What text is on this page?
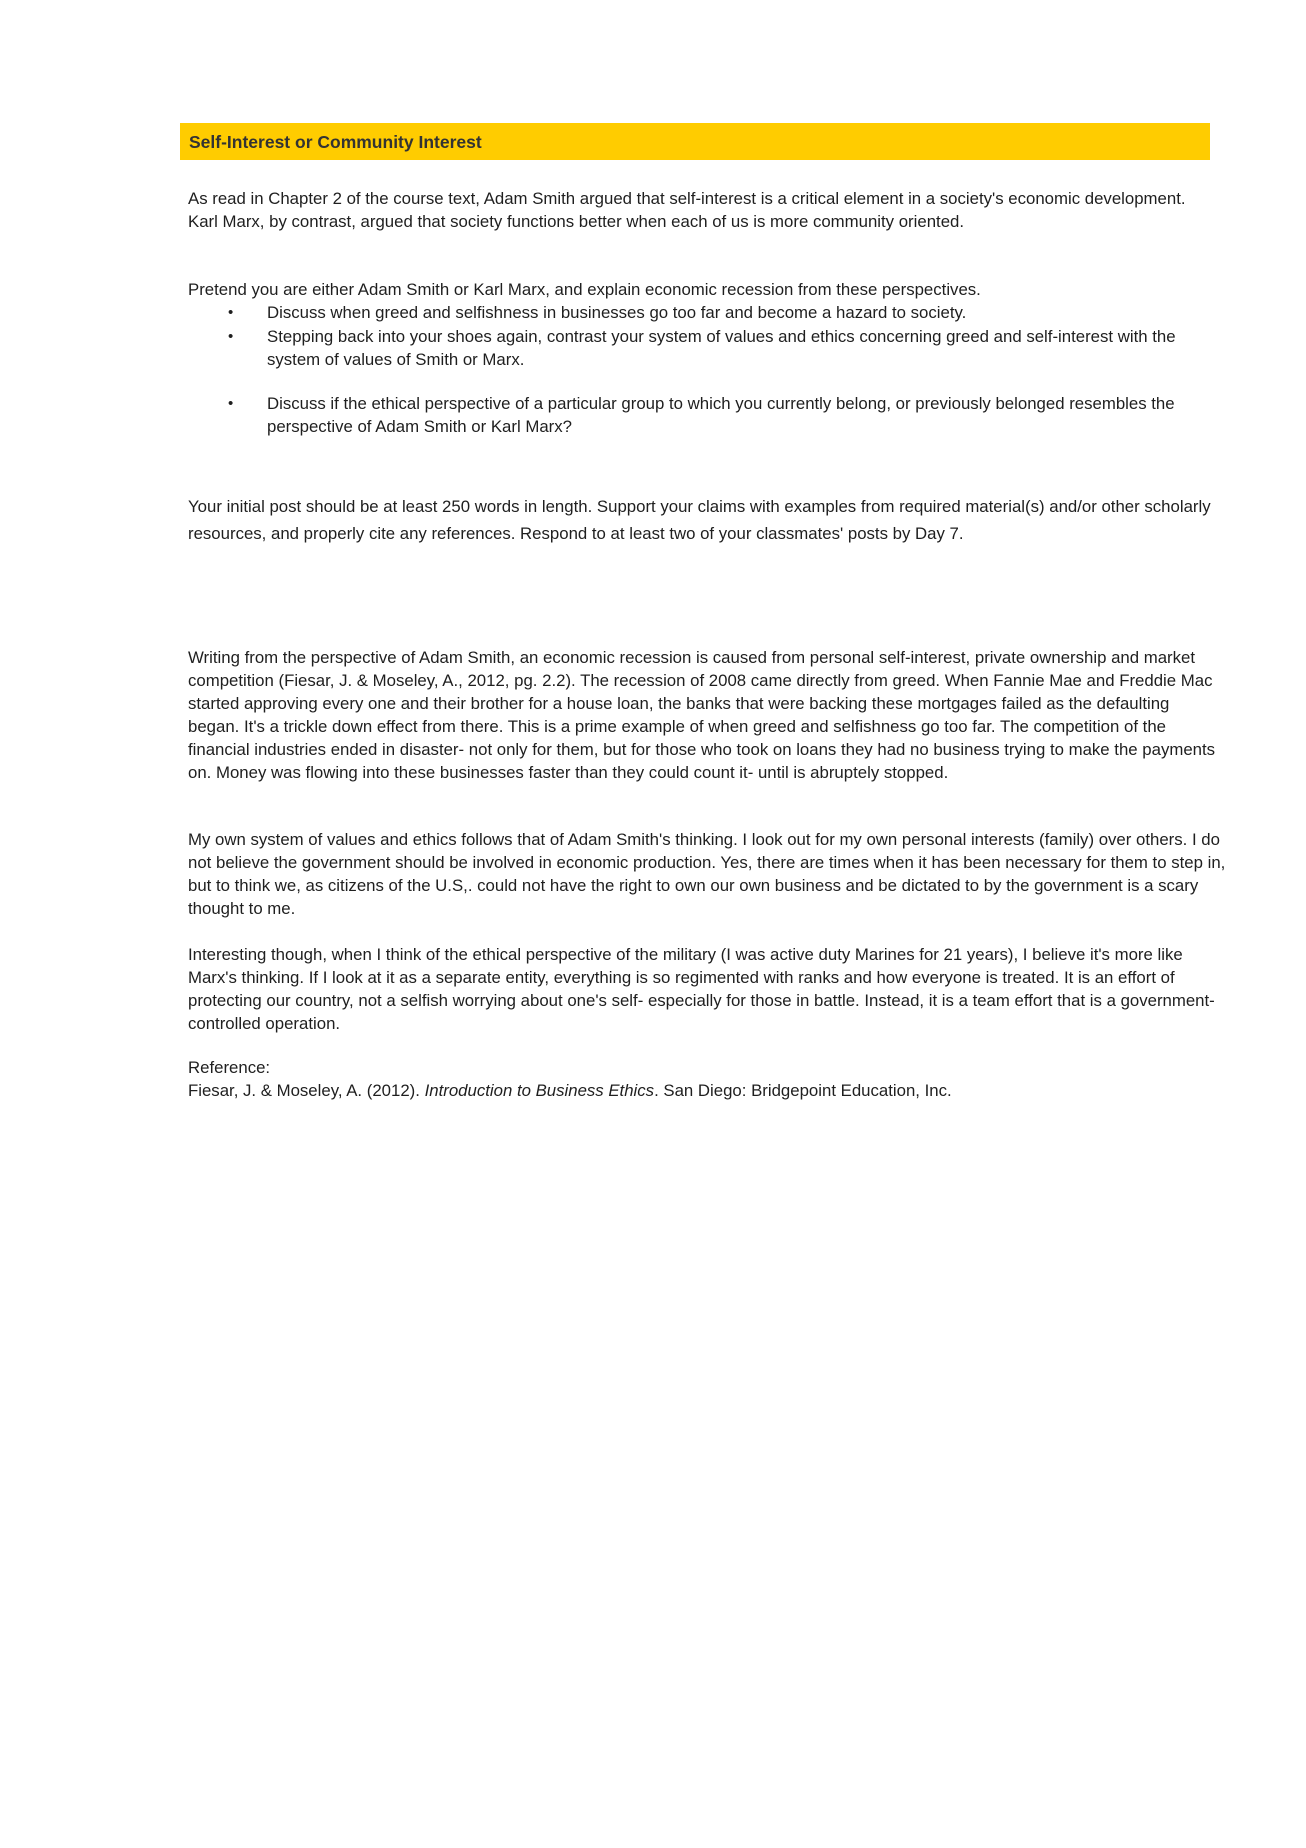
Self-Interest or Community Interest

As read in Chapter 2 of the course text, Adam Smith argued that self-interest is a critical element in a society's economic development. Karl Marx, by contrast, argued that society functions better when each of us is more community oriented.

Pretend you are either Adam Smith or Karl Marx, and explain economic recession from these perspectives.

• Discuss when greed and selfishness in businesses go too far and become a hazard to society.
• Stepping back into your shoes again, contrast your system of values and ethics concerning greed and self-interest with the system of values of Smith or Marx.
• Discuss if the ethical perspective of a particular group to which you currently belong, or previously belonged resembles the perspective of Adam Smith or Karl Marx?

Your initial post should be at least 250 words in length. Support your claims with examples from required material(s) and/or other scholarly resources, and properly cite any references. Respond to at least two of your classmates' posts by Day 7.

Writing from the perspective of Adam Smith, an economic recession is caused from personal self-interest, private ownership and market competition (Fiesar, J. & Moseley, A., 2012, pg. 2.2). The recession of 2008 came directly from greed. When Fannie Mae and Freddie Mac started approving every one and their brother for a house loan, the banks that were backing these mortgages failed as the defaulting began. It's a trickle down effect from there. This is a prime example of when greed and selfishness go too far. The competition of the financial industries ended in disaster- not only for them, but for those who took on loans they had no business trying to make the payments on. Money was flowing into these businesses faster than they could count it- until is abruptely stopped.

My own system of values and ethics follows that of Adam Smith's thinking. I look out for my own personal interests (family) over others. I do not believe the government should be involved in economic production. Yes, there are times when it has been necessary for them to step in, but to think we, as citizens of the U.S,. could not have the right to own our own business and be dictated to by the government is a scary thought to me.

Interesting though, when I think of the ethical perspective of the military (I was active duty Marines for 21 years), I believe it's more like Marx's thinking. If I look at it as a separate entity, everything is so regimented with ranks and how everyone is treated. It is an effort of protecting our country, not a selfish worrying about one's self- especially for those in battle. Instead, it is a team effort that is a government-controlled operation.

Reference:

Fiesar, J. & Moseley, A. (2012). Introduction to Business Ethics. San Diego: Bridgepoint Education, Inc.
